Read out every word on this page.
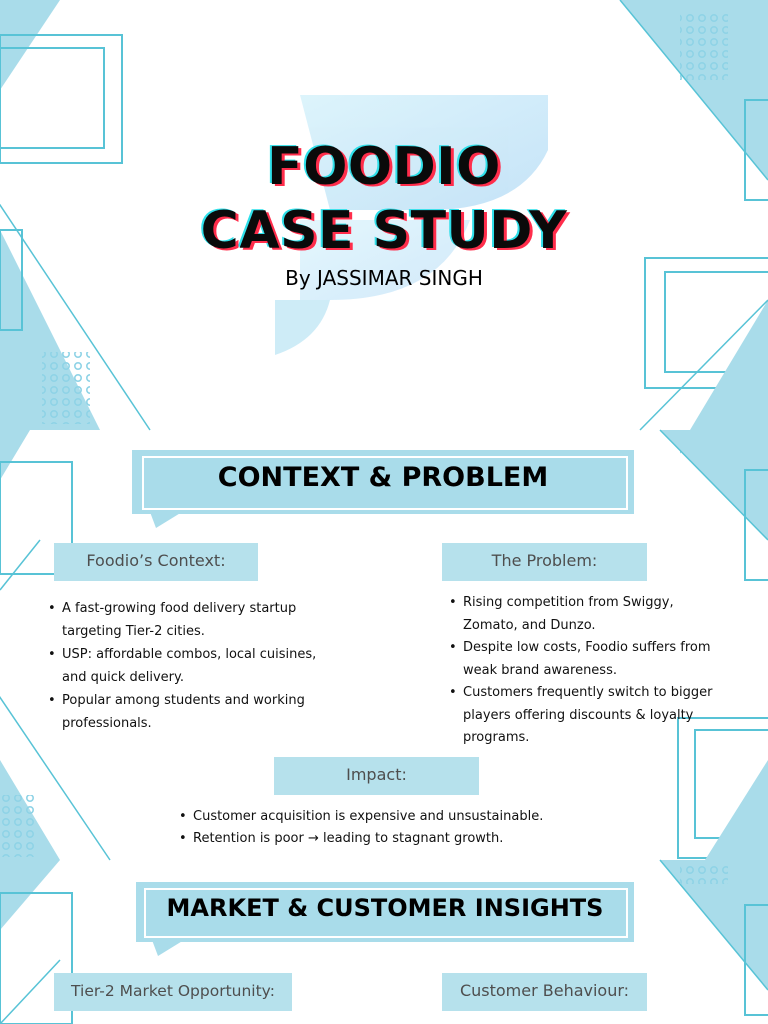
FOODIO
CASE STUDY
By JASSIMAR SINGH
CONTEXT & PROBLEM
Foodio’s Context:
• A fast-growing food delivery startup targeting Tier-2 cities.
• USP: affordable combos, local cuisines, and quick delivery.
• Popular among students and working professionals.
The Problem:
• Rising competition from Swiggy, Zomato, and Dunzo.
• Despite low costs, Foodio suffers from weak brand awareness.
• Customers frequently switch to bigger players offering discounts & loyalty programs.
Impact:
• Customer acquisition is expensive and unsustainable.
• Retention is poor → leading to stagnant growth.
MARKET & CUSTOMER INSIGHTS
Tier-2 Market Opportunity:	Customer Behaviour:
